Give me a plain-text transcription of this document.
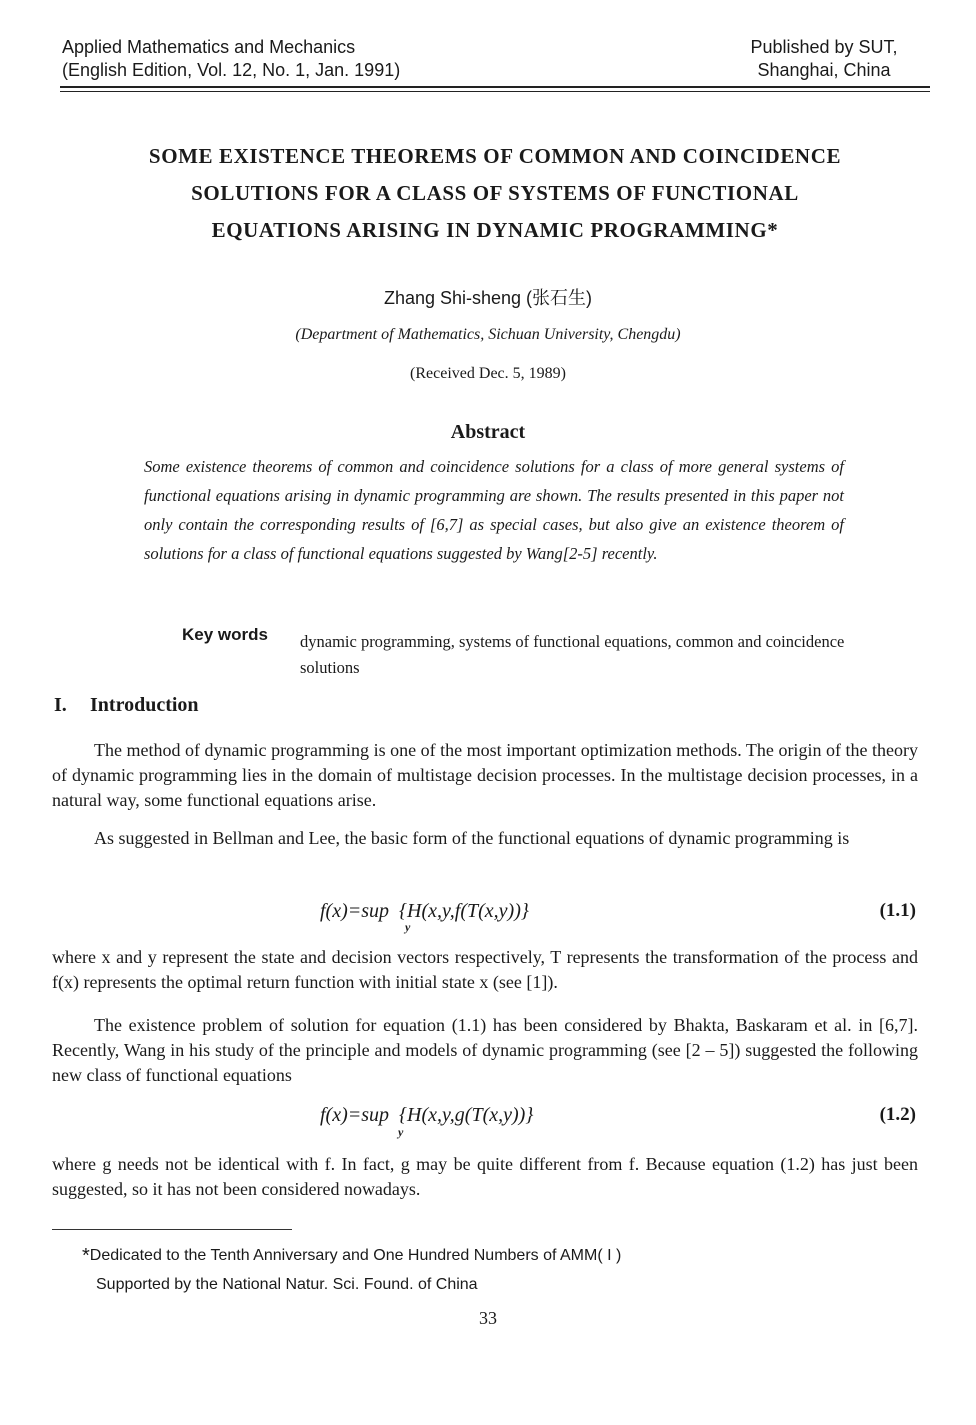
Applied Mathematics and Mechanics
(English Edition, Vol. 12, No. 1, Jan. 1991)
Published by SUT,
Shanghai, China
SOME EXISTENCE THEOREMS OF COMMON AND COINCIDENCE
SOLUTIONS FOR A CLASS OF SYSTEMS OF FUNCTIONAL
EQUATIONS ARISING IN DYNAMIC PROGRAMMING*
Zhang Shi-sheng (张石生)
(Department of Mathematics, Sichuan University, Chengdu)
(Received Dec. 5, 1989)
Abstract
Some existence theorems of common and coincidence solutions for a class of more general systems of functional equations arising in dynamic programming are shown. The results presented in this paper not only contain the corresponding results of [6,7] as special cases, but also give an existence theorem of solutions for a class of functional equations suggested by Wang[2-5] recently.
Key words dynamic programming, systems of functional equations, common and coincidence solutions
I. Introduction
The method of dynamic programming is one of the most important optimization methods. The origin of the theory of dynamic programming lies in the domain of multistage decision processes. In the multistage decision processes, in a natural way, some functional equations arise.
As suggested in Bellman and Lee, the basic form of the functional equations of dynamic programming is
f(x)=sup {H(x,y,f(T(x,y))}
y
(1.1)
where x and y represent the state and decision vectors respectively, T represents the transformation of the process and f(x) represents the optimal return function with initial state x (see [1]).
The existence problem of solution for equation (1.1) has been considered by Bhakta, Baskaram et al. in [6,7]. Recently, Wang in his study of the principle and models of dynamic programming (see [2 – 5]) suggested the following new class of functional equations
f(x)=sup {H(x,y,g(T(x,y))}
y
(1.2)
where g needs not be identical with f. In fact, g may be quite different from f. Because equation (1.2) has just been suggested, so it has not been considered nowadays.
*Dedicated to the Tenth Anniversary and One Hundred Numbers of AMM( I )
Supported by the National Natur. Sci. Found. of China
33
